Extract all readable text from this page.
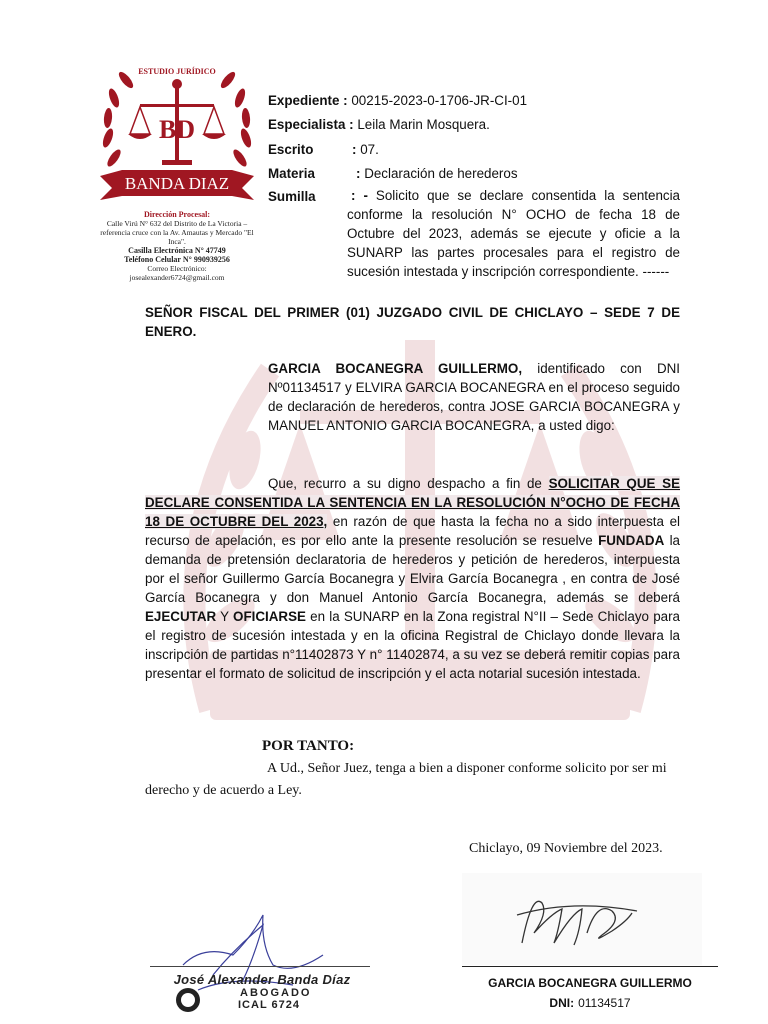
BD
BANDA DIAZ
ESTUDIO JURÍDICO
Dirección Procesal:
Calle Virú N° 632 del Distrito de La Victoria – referencia cruce con la Av. Amautas y Mercado "El Inca".
Casilla Electrónica N° 47749
Teléfono Celular N° 990939256
Correo Electrónico:
josealexander6724@gmail.com
Expediente : 00215-2023-0-1706-JR-CI-01
Especialista : Leila Marin Mosquera.
Escrito	: 07.
Materia	: Declaración de herederos
Sumilla	: - Solicito que se declare consentida la sentencia conforme la resolución N° OCHO de fecha 18 de Octubre del 2023, además se ejecute y oficie a la SUNARP las partes procesales para el registro de sucesión intestada y inscripción correspondiente. ------
SEÑOR FISCAL DEL PRIMER (01) JUZGADO CIVIL DE CHICLAYO – SEDE 7 DE ENERO.
GARCIA BOCANEGRA GUILLERMO, identificado con DNI Nº01134517 y ELVIRA GARCIA BOCANEGRA en el proceso seguido de declaración de herederos, contra JOSE GARCIA BOCANEGRA y MANUEL ANTONIO GARCIA BOCANEGRA, a usted digo:
Que, recurro a su digno despacho a fin de SOLICITAR QUE SE DECLARE CONSENTIDA LA SENTENCIA EN LA RESOLUCIÓN N°OCHO DE FECHA 18 DE OCTUBRE DEL 2023, en razón de que hasta la fecha no a sido interpuesta el recurso de apelación, es por ello ante la presente resolución se resuelve FUNDADA la demanda de pretensión declaratoria de herederos y petición de herederos, interpuesta por el señor Guillermo García Bocanegra y Elvira García Bocanegra , en contra de José García Bocanegra y don Manuel Antonio García Bocanegra, además se deberá EJECUTAR Y OFICIARSE en la SUNARP en la Zona registral N°II – Sede Chiclayo para el registro de sucesión intestada y en la oficina Registral de Chiclayo donde llevara la inscripción de partidas n°11402873 Y n° 11402874, a su vez se deberá remitir copias para presentar el formato de solicitud de inscripción y el acta notarial sucesión intestada.
POR TANTO:
A Ud., Señor Juez, tenga a bien a disponer conforme solicito por ser mi derecho y de acuerdo a Ley.
Chiclayo, 09 Noviembre del 2023.
GARCIA BOCANEGRA GUILLERMO
DNI: 01134517
José Alexander Banda Díaz
ABOGADO
ICAL 6724
